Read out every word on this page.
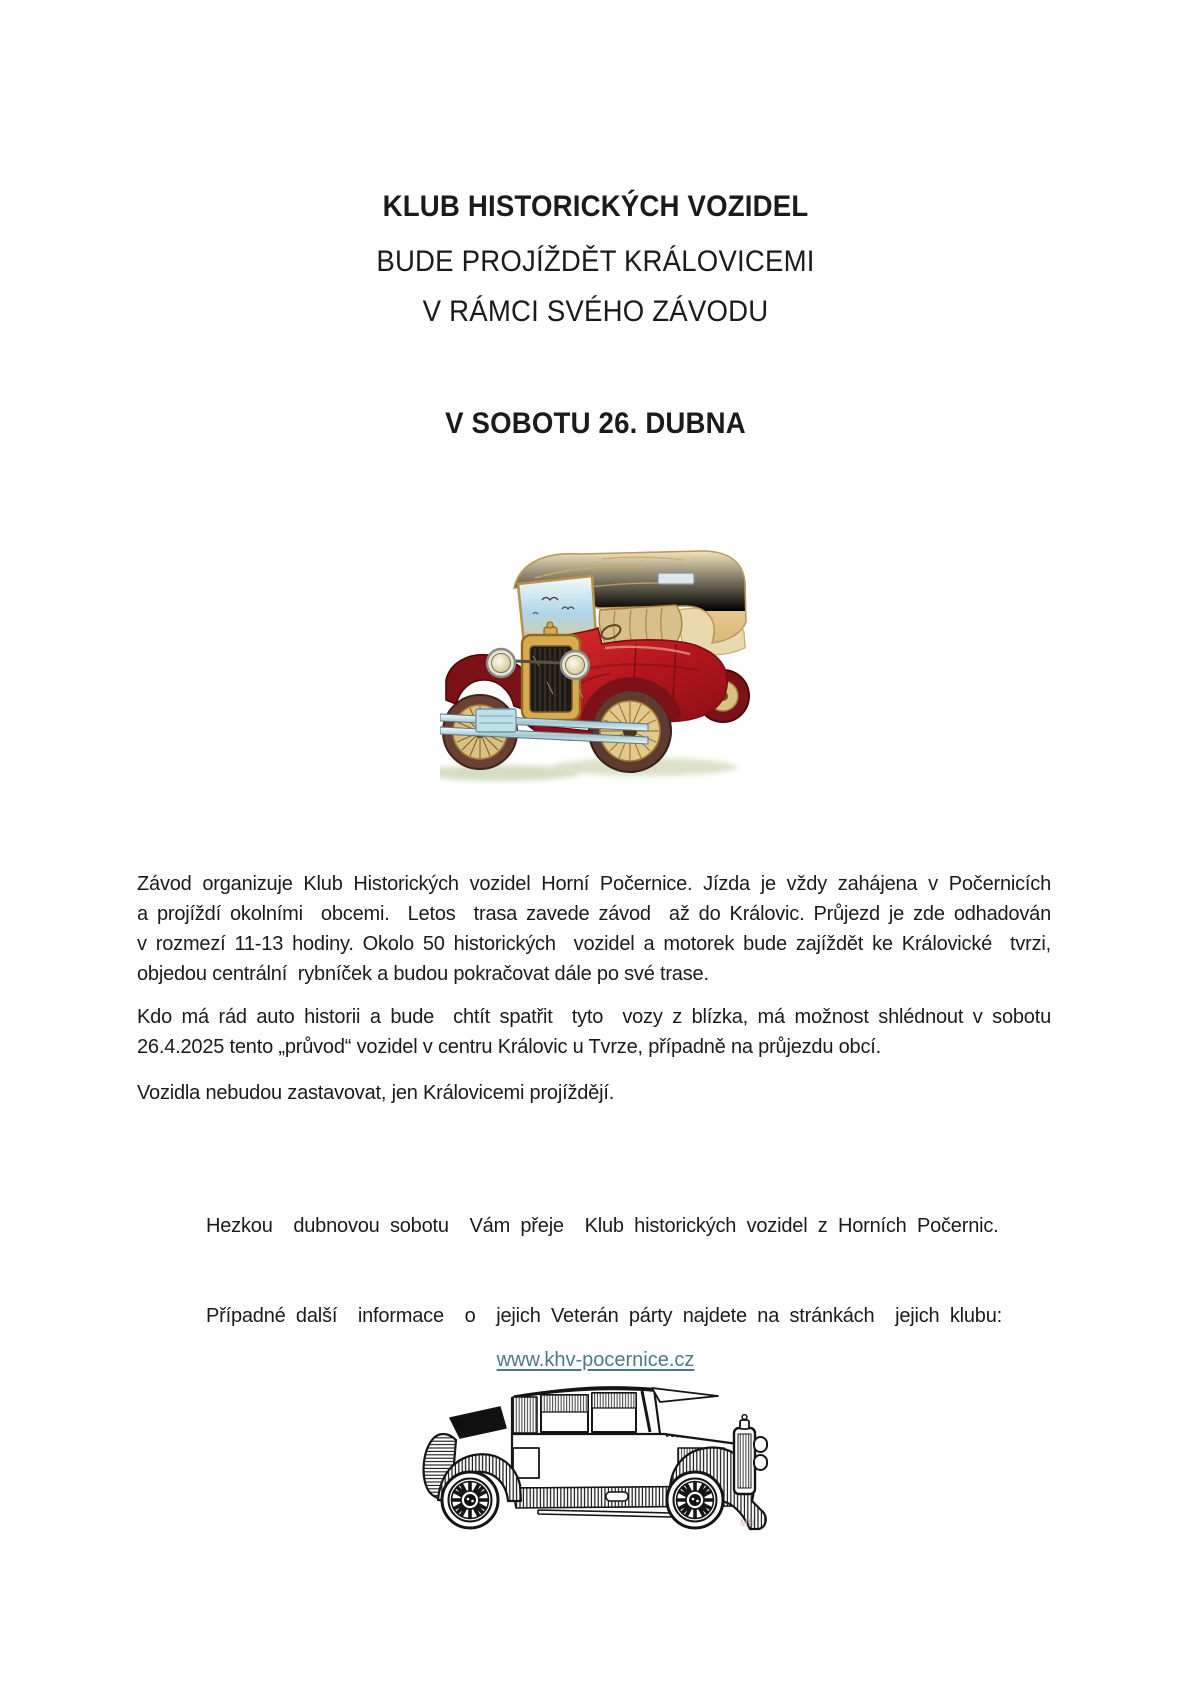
KLUB HISTORICKÝCH VOZIDEL
BUDE PROJÍŽDĚT KRÁLOVICEMI
V RÁMCI SVÉHO ZÁVODU
V SOBOTU 26. DUBNA
Závod organizuje Klub Historických vozidel Horní Počernice. Jízda je vždy zahájena v Počernicích
a projíždí okolními  obcemi.  Letos  trasa zavede závod  až do Královic. Průjezd je zde odhadován
v rozmezí 11-13 hodiny. Okolo 50 historických  vozidel a motorek bude zajíždět ke Královické  tvrzi,
objedou centrální  rybníček a budou pokračovat dále po své trase.
Kdo má rád auto historii a bude  chtít spatřit  tyto  vozy z blízka, má možnost shlédnout v sobotu
26.4.2025 tento „průvod“ vozidel v centru Královic u Tvrze, případně na průjezdu obcí.
Vozidla nebudou zastavovat, jen Královicemi projíždějí.
Hezkou  dubnovou sobotu  Vám přeje  Klub historických vozidel z Horních Počernic.
Případné další  informace  o  jejich Veterán párty najdete na stránkách  jejich klubu:
www.khv-pocernice.cz
MH
